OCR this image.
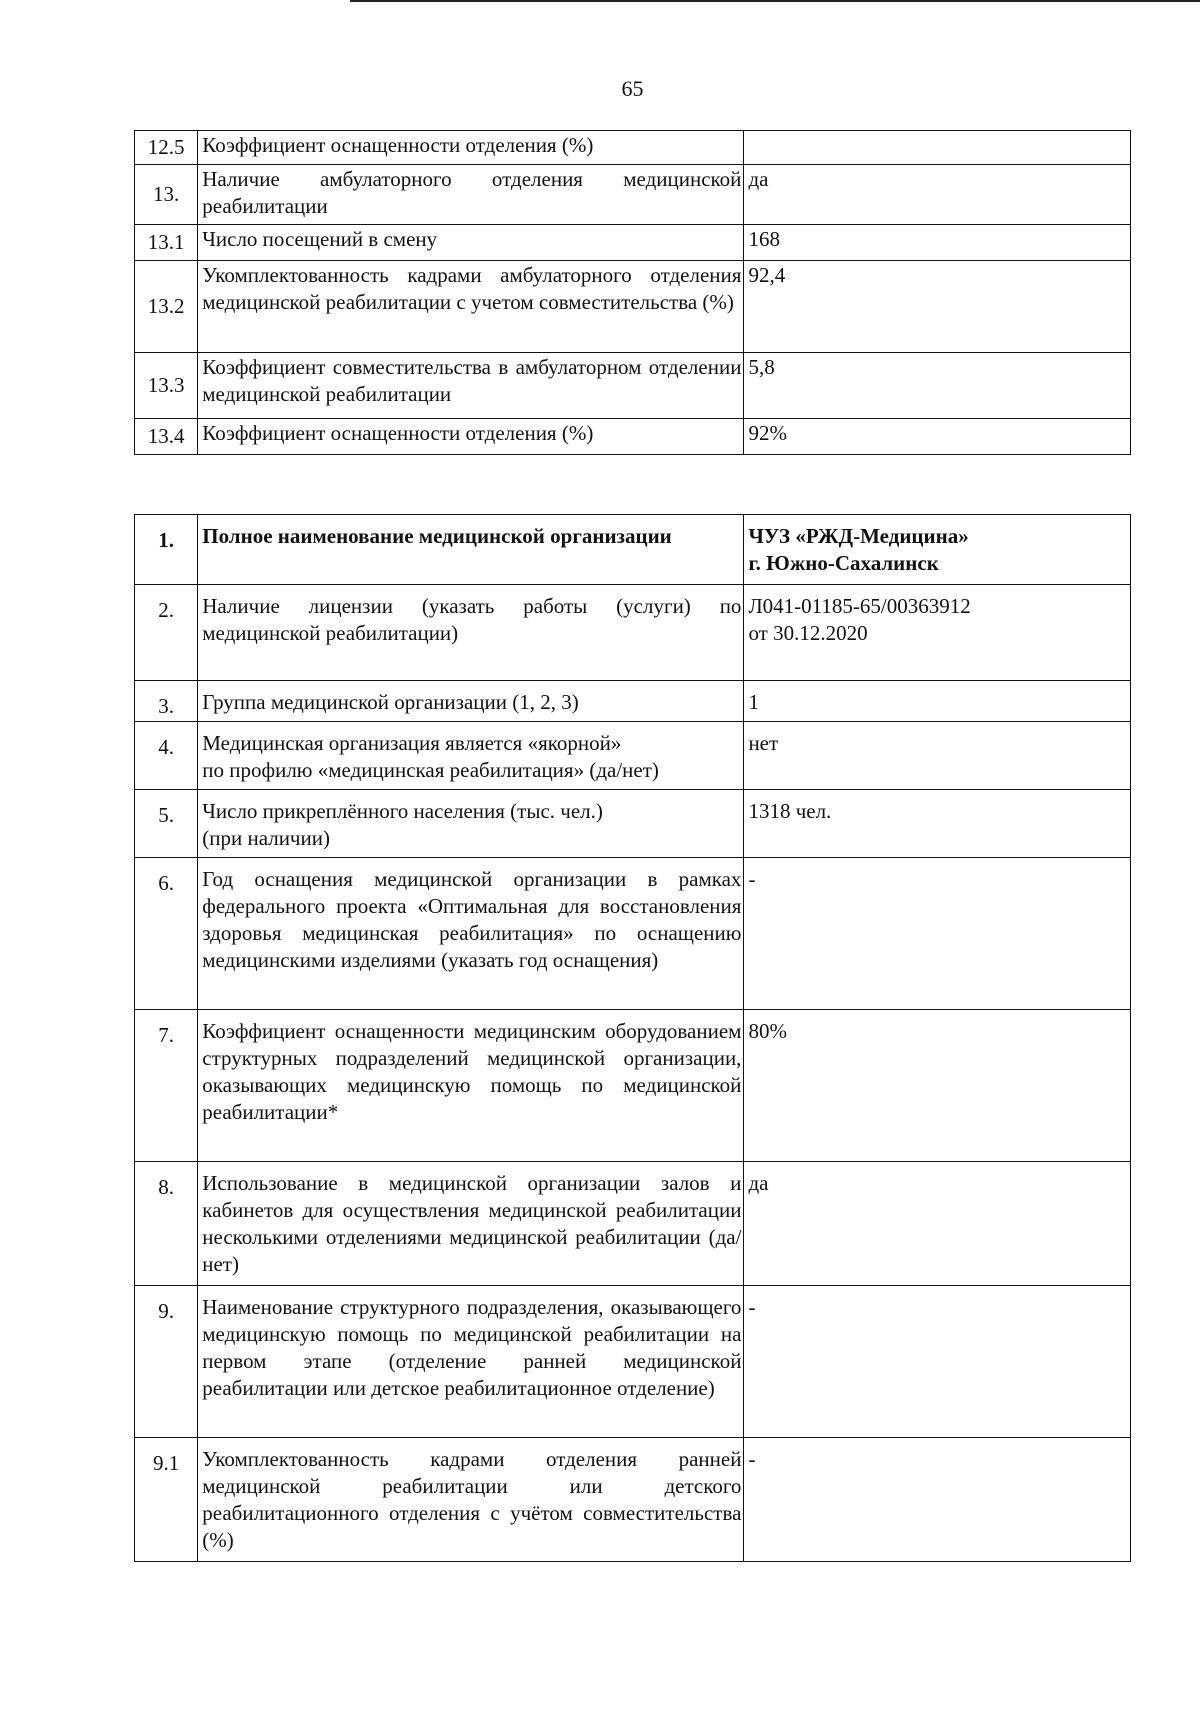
65
12.5	Коэффициент оснащенности отделения (%)	
13.	Наличие амбулаторного отделения медицинской реабилитации	да
13.1	Число посещений в смену	168
13.2	Укомплектованность кадрами амбулаторного отделения медицинской реабилитации с учетом совместительства (%)	92,4
13.3	Коэффициент совместительства в амбулаторном отделении медицинской реабилитации	5,8
13.4	Коэффициент оснащенности отделения (%)	92%
1.	Полное наименование медицинской организации	ЧУЗ «РЖД-Медицина»
г. Южно-Сахалинск

2.	Наличие лицензии (указать работы (услуги) по медицинской реабилитации)	Л041-01185-65/00363912
от 30.12.2020

3.	Группа медицинской организации (1, 2, 3)	1
4.	Медицинская организация является «якорной»
по профилю «медицинская реабилитация» (да/нет)	нет
5.	Число прикреплённого населения (тыс. чел.)
(при наличии)	1318 чел.
6.	Год оснащения медицинской организации в рамках федерального проекта «Оптимальная для восстановления здоровья медицинская реабилитация» по оснащению медицинскими изделиями (указать год оснащения)	-
7.	Коэффициент оснащенности медицинским оборудованием структурных подразделений медицинской организации, оказывающих медицинскую помощь по медицинской реабилитации*	80%
8.	Использование в медицинской организации залов и кабинетов для осуществления медицинской реабилитации несколькими отделениями медицинской реабилитации (да/нет)	да
9.	Наименование структурного подразделения, оказывающего медицинскую помощь по медицинской реабилитации на первом этапе (отделение ранней медицинской реабилитации или детское реабилитационное отделение)	-
9.1	Укомплектованность кадрами отделения ранней медицинской реабилитации или детского реабилитационного отделения с учётом совместительства (%)	-
